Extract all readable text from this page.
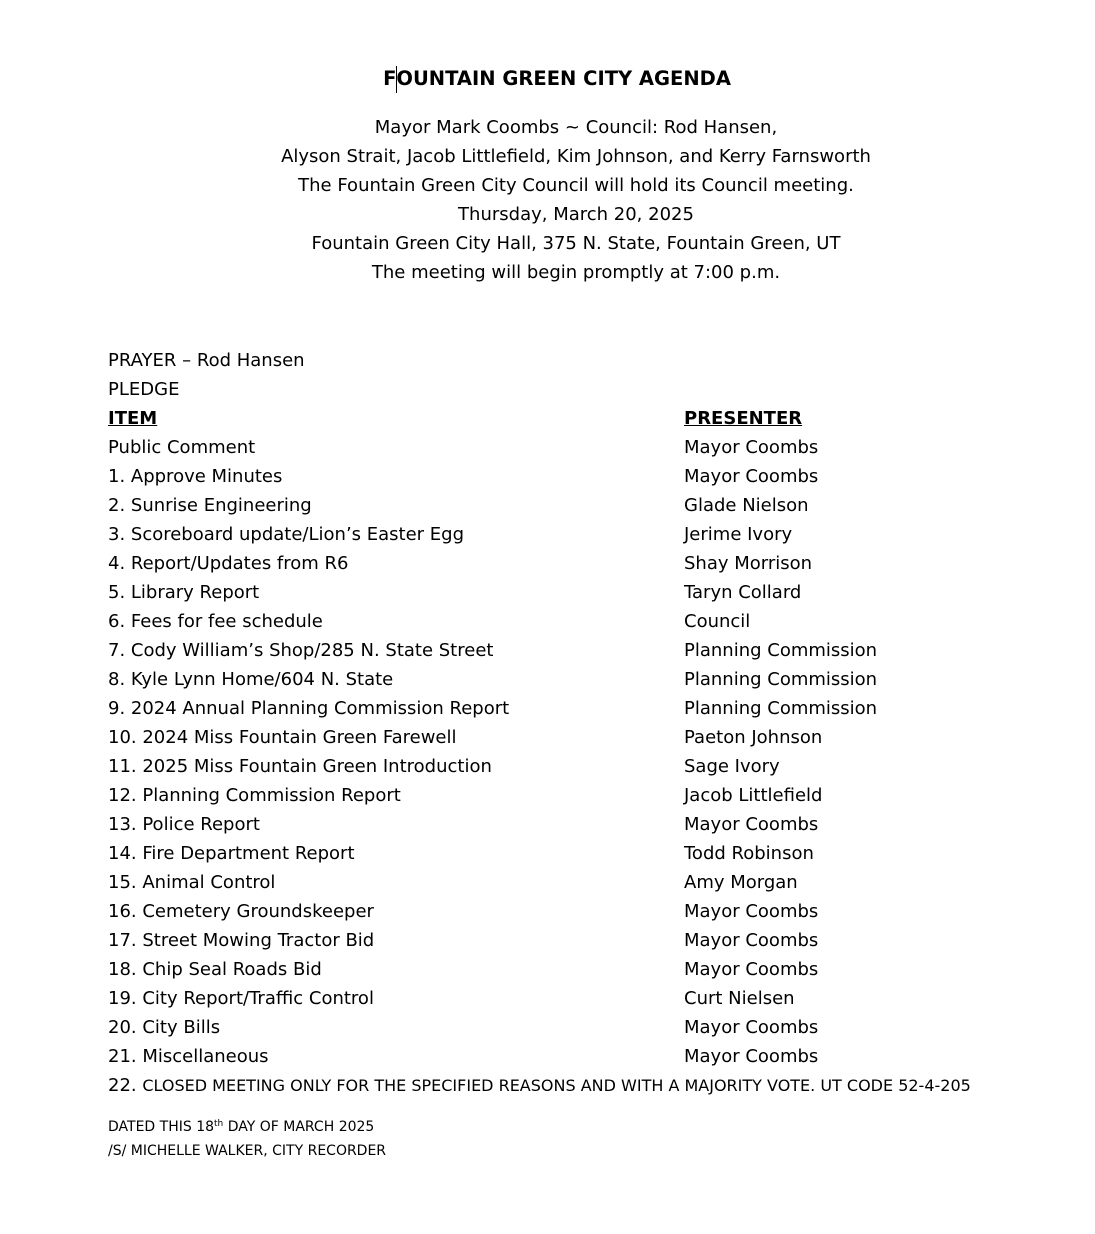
FOUNTAIN GREEN CITY AGENDA
Mayor Mark Coombs ~ Council: Rod Hansen,
Alyson Strait, Jacob Littlefield, Kim Johnson, and Kerry Farnsworth
The Fountain Green City Council will hold its Council meeting.
Thursday, March 20, 2025
Fountain Green City Hall, 375 N. State, Fountain Green, UT
The meeting will begin promptly at 7:00 p.m.
PRAYER – Rod Hansen
PLEDGE
ITEM	PRESENTER
Public Comment	Mayor Coombs
1. Approve Minutes	Mayor Coombs
2. Sunrise Engineering	Glade Nielson
3. Scoreboard update/Lion’s Easter Egg	Jerime Ivory
4. Report/Updates from R6	Shay Morrison
5. Library Report	Taryn Collard
6. Fees for fee schedule	Council
7. Cody William’s Shop/285 N. State Street	Planning Commission
8. Kyle Lynn Home/604 N. State	Planning Commission
9. 2024 Annual Planning Commission Report	Planning Commission
10. 2024 Miss Fountain Green Farewell	Paeton Johnson
11. 2025 Miss Fountain Green Introduction	Sage Ivory
12. Planning Commission Report	Jacob Littlefield
13. Police Report	Mayor Coombs
14. Fire Department Report	Todd Robinson
15. Animal Control	Amy Morgan
16. Cemetery Groundskeeper	Mayor Coombs
17. Street Mowing Tractor Bid	Mayor Coombs
18. Chip Seal Roads Bid	Mayor Coombs
19. City Report/Traffic Control	Curt Nielsen
20. City Bills	Mayor Coombs
21. Miscellaneous	Mayor Coombs
22. CLOSED MEETING ONLY FOR THE SPECIFIED REASONS AND WITH A MAJORITY VOTE. UT CODE 52-4-205
DATED THIS 18th DAY OF MARCH 2025
/S/ MICHELLE WALKER, CITY RECORDER
